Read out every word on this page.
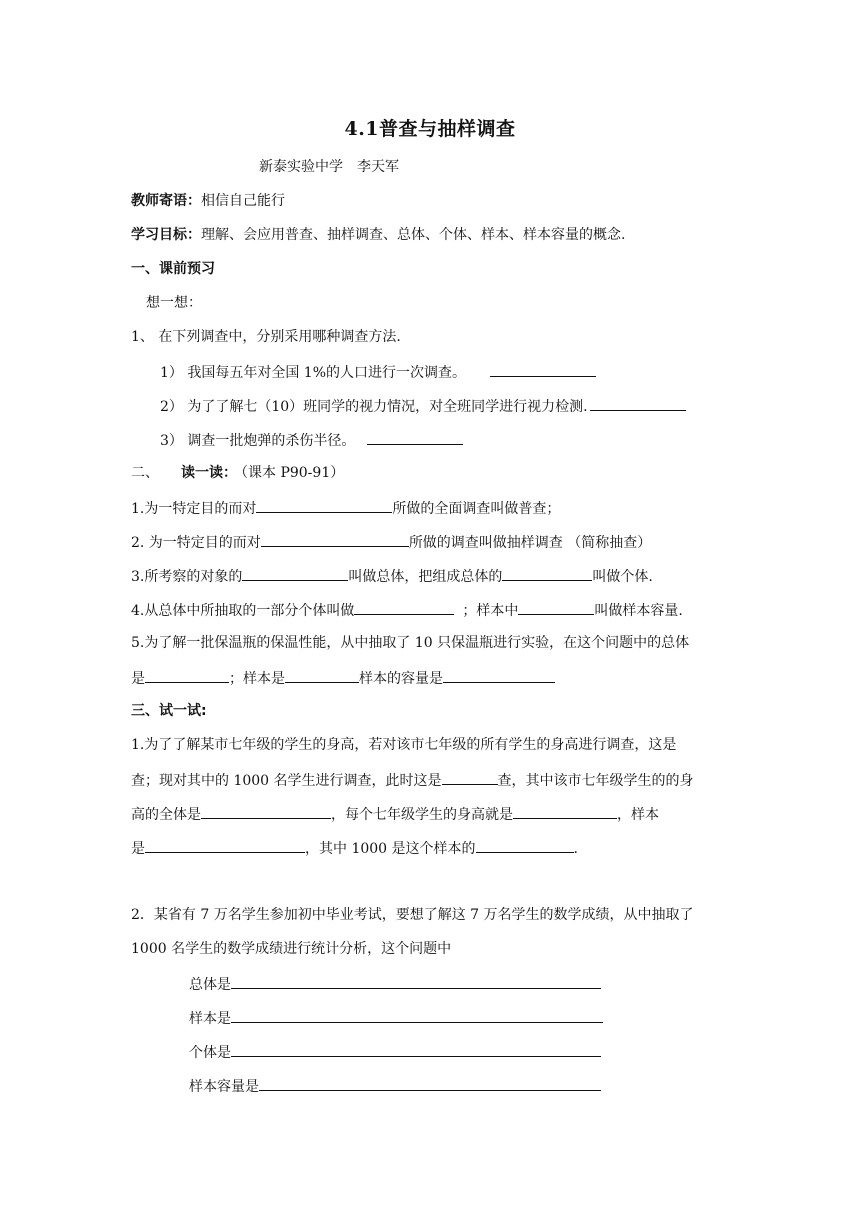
4.1普查与抽样调查
新泰实验中学　李天军
教师寄语：相信自己能行
学习目标：理解、会应用普查、抽样调查、总体、个体、样本、样本容量的概念.
一、课前预习
想一想：
1、 在下列调查中，分别采用哪种调查方法.
1） 我国每五年对全国 1%的人口进行一次调查。
2） 为了了解七（10）班同学的视力情况，对全班同学进行视力检测.
3） 调查一批炮弹的杀伤半径。
二、 读一读： （课本 P90-91）
1.为一特定目的而对	所做的全面调查叫做普查；
2. 为一特定目的而对	所做的调查叫做抽样调查 （简称抽查）
3.所考察的对象的	叫做总体，把组成总体的	叫做个体.
4.从总体中所抽取的一部分个体叫做	；样本中	叫做样本容量.
5.为了解一批保温瓶的保温性能，从中抽取了 10 只保温瓶进行实验，在这个问题中的总体
是	；样本是	样本的容量是
三、试一试:
1.为了了解某市七年级的学生的身高，若对该市七年级的所有学生的身高进行调查，这是
查；现对其中的 1000 名学生进行调查，此时这是	查，其中该市七年级学生的的身
高的全体是	，每个七年级学生的身高就是	，样本
是	，其中 1000 是这个样本的	.
2．某省有 7 万名学生参加初中毕业考试，要想了解这 7 万名学生的数学成绩，从中抽取了
1000 名学生的数学成绩进行统计分析，这个问题中
总体是
样本是
个体是
样本容量是
